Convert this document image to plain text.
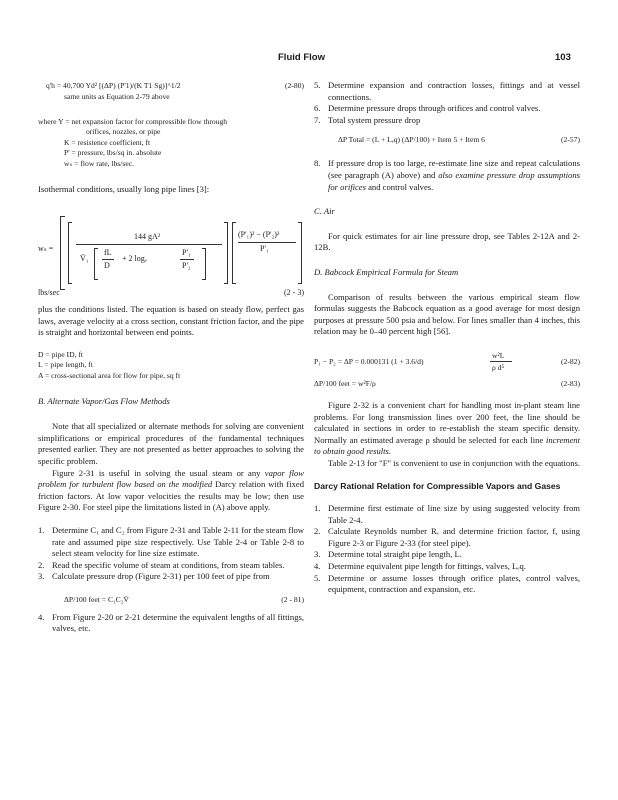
Fluid Flow	103
q'h = 40,700 Yd² [(ΔP) (P'1)/(K T1 Sg)]^1/2	(2-80)
same units as Equation 2-79 above
where Y = net expansion factor for compressible flow through
orifices, nozzles, or pipe
K = resistence coefficient, ft
P' = pressure, lbs/sq in. absolute
wₛ = flow rate, lbs/sec.

Isothermal conditions, usually long pipe lines [3]:

wₛ =
144 gA²
V̄₁
fL
D
+ 2 logₑ
P'₁
P'₂
(P'₁)² − (P'₂)²
P'₁
lbs/sec	(2 - 3)

plus the conditions listed. The equation is based on steady flow, perfect gas laws, average velocity at a cross section, constant friction factor, and the pipe is straight and horizontal between end points.

D = pipe ID, ft
L = pipe length, ft
A = cross-sectional area for flow for pipe, sq ft

B. Alternate Vapor/Gas Flow Methods

Note that all specialized or alternate methods for solving are convenient simplifications or empirical procedures of the fundamental techniques presented earlier. They are not presented as better approaches to solving the specific problem.

Figure 2-31 is useful in solving the usual steam or any vapor flow problem for turbulent flow based on the modified Darcy relation with fixed friction factors. At low vapor velocities the results may be low; then use Figure 2-30. For steel pipe the limitations listed in (A) above apply.

1. Determine C₁ and C₂ from Figure 2-31 and Table 2-11 for the steam flow rate and assumed pipe size respectively. Use Table 2-4 or Table 2-8 to select steam velocity for line size estimate.
2. Read the specific volume of steam at conditions, from steam tables.
3. Calculate pressure drop (Figure 2-31) per 100 feet of pipe from
ΔP/100 feet = C₁C₂V̄	(2 - 81)
4. From Figure 2-20 or 2-21 determine the equivalent lengths of all fittings, valves, etc.
5. Determine expansion and contraction losses, fittings and at vessel connections.
6. Determine pressure drops through orifices and control valves.
7. Total system pressure drop
ΔP Total = (L + Lₑq) (ΔP/100) + Item 5 + Item 6	(2-57)
8. If pressure drop is too large, re-estimate line size and repeat calculations (see paragraph (A) above) and also examine pressure drop assumptions for orifices and control valves.

C. Air

For quick estimates for air line pressure drop, see Tables 2-12A and 2-12B.

D. Babcock Empirical Formula for Steam

Comparison of results between the various empirical steam flow formulas suggests the Babcock equation as a good average for most design purposes at pressure 500 psia and below. For lines smaller than 4 inches, this relation may be 0–40 percent high [56].

P₁ − P₂ = ΔP = 0.000131 (1 + 3.6/d)
w²L
ρ d⁵
(2-82)
ΔP/100 feet = w²F/ρ	(2-83)

Figure 2-32 is a convenient chart for handling most in-plant steam line problems. For long transmission lines over 200 feet, the line should be calculated in sections in order to re-establish the steam specific density. Normally an estimated average ρ should be selected for each line increment to obtain good results.

Table 2-13 for "F" is convenient to use in conjunction with the equations.

Darcy Rational Relation for Compressible Vapors and Gases

1. Determine first estimate of line size by using suggested velocity from Table 2-4.
2. Calculate Reynolds number Rₑ and determine friction factor, f, using Figure 2-3 or Figure 2-33 (for steel pipe).
3. Determine total straight pipe length, L.
4. Determine equivalent pipe length for fittings, valves, Lₑq.
5. Determine or assume losses through orifice plates, control valves, equipment, contraction and expansion, etc.
